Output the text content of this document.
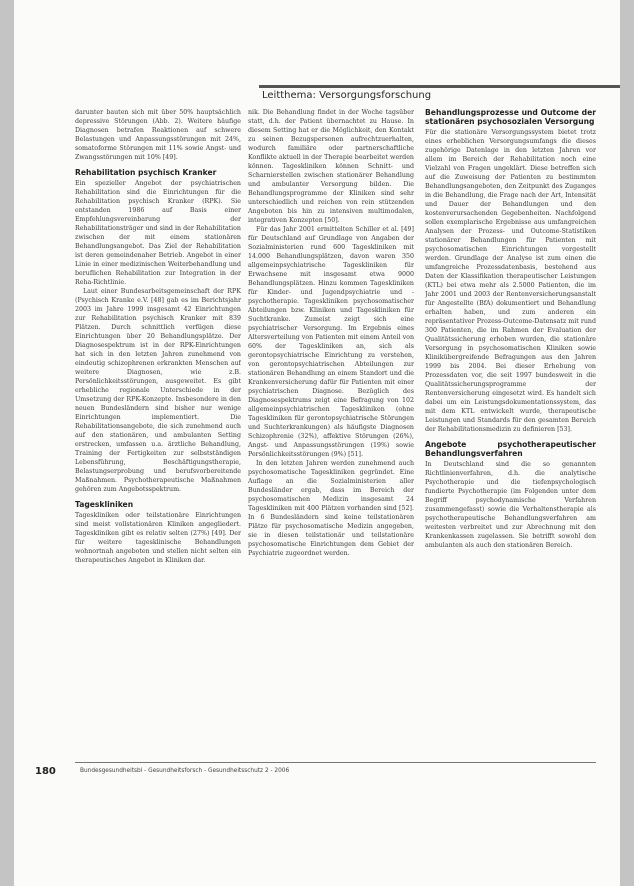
Leitthema: Versorgungsforschung

darunter bauten sich mit über 50% hauptsächlich depressive Störungen (Abb. 2). Weitere häufige Diagnosen betrafen Reaktionen auf schwere Belastungen und Anpassungsstörungen mit 24%, somatoforme Störungen mit 11% sowie Angst- und Zwangsstörungen mit 10% [49].

Rehabilitation psychisch Kranker

Ein spezieller Angebot der psychiatrischen Rehabilitation sind die Einrichtungen für die Rehabilitation psychisch Kranker (RPK). Sie entstanden 1986 auf Basis einer Empfehlungsvereinbarung der Rehabilitationsträger und sind in der Rehabilitation zwischen der mit einem stationären Behandlungsangebot. Das Ziel der Rehabilitation ist deren gemeindenaher Betrieb. Angebot in einer Linie in einer medizinischen Weiterbehandlung und beruflichen Rehabilitation zur Integration in der Reha-Richtlinie.

Laut einer Bundesarbeitsgemeinschaft der RPK (Psychisch Kranke e.V. [48] gab es im Berichtsjahr 2003 im Jahre 1999 insgesamt 42 Einrichtungen zur Rehabilitation psychisch Kranker mit 839 Plätzen. Durch schnittlich verfügen diese Einrichtungen über 20 Behandlungsplätze. Der Diagnosespektrum ist in der RPK-Einrichtungen hat sich in den letzten Jahren zunehmend von eindeutig schizophrenen erkrankten Menschen auf weitere Diagnosen, wie z.B. Persönlichkeitsstörungen, ausgeweitet. Es gibt erhebliche regionale Unterschiede in der Umsetzung der RPK-Konzepte. Insbesondere in den neuen Bundesländern sind bisher nur wenige Einrichtungen implementiert. Die Rehabilitationsangebote, die sich zunehmend auch auf den stationären, und ambulanten Setting erstrecken, umfassen u.a. ärztliche Behandlung, Training der Fertigkeiten zur selbstständigen Lebensführung, Beschäftigungstherapie, Belastungserprobung und berufsvorbereitende Maßnahmen. Psychotherapeutische Maßnahmen gehören zum Angebotsspektrum.

Tageskliniken

Tageskliniken oder teilstationäre Einrichtungen sind meist vollstationären Kliniken angegliedert. Tageskliniken gibt es relativ selten (27%) [49]. Der für weitere tagesklinische Behandlungen wohnortnah angeboten und stellen nicht selten ein therapeutisches Angebot in Kliniken dar.

nik. Die Behandlung findet in der Woche tagsüber statt, d.h. der Patient übernachtet zu Hause. In diesem Setting hat er die Möglichkeit, den Kontakt zu seinen Bezugspersonen aufrechtzuerhalten, wodurch familiäre oder partnerschaftliche Konflikte aktuell in der Therapie bearbeitet werden können. Tageskliniken können Schnitt- und Scharnierstellen zwischen stationärer Behandlung und ambulanter Versorgung bilden. Die Behandlungsprogramme der Kliniken sind sehr unterschiedlich und reichen von rein stützenden Angeboten bis hin zu intensiven multimodalen, integrativen Konzepten [50].

Für das Jahr 2001 ermittelten Schiller et al. [49] für Deutschland auf Grundlage von Angaben der Sozialministerien rund 600 Tageskliniken mit 14.000 Behandlungsplätzen, davon waren 350 allgemeinpsychiatrische Tageskliniken für Erwachsene mit insgesamt etwa 9000 Behandlungsplätzen. Hinzu kommen Tageskliniken für Kinder- und Jugendpsychiatrie und -psychotherapie. Tageskliniken psychosomatischer Abteilungen bzw. Kliniken und Tageskliniken für Suchtkranke. Zumeist zeigt sich eine psychiatrischer Versorgung. Im Ergebnis eines Altersverteilung von Patienten mit einem Anteil von 60% der Tageskliniken an, sich als gerontopsychiatrische Einrichtung zu verstehen, von gerontopsychiatrischen Abteilungen zur stationären Behandlung an einem Standort und die Krankenversicherung dafür für Patienten mit einer psychiatrischen Diagnose. Bezüglich des Diagnosespektrums zeigt eine Befragung von 102 allgemeinpsychiatrischen Tageskliniken (ohne Tageskliniken für gerontopsychiatrische Störungen und Suchterkrankungen) als häufigste Diagnosen Schizophrenie (32%), affektive Störungen (26%), Angst- und Anpassungsstörungen (19%) sowie Persönlichkeitsstörungen (9%) [51].

In den letzten Jahren werden zunehmend auch psychosomatische Tageskliniken gegründet. Eine Auflage an die Sozialministerien aller Bundesländer ergab, dass im Bereich der psychosomatischen Medizin insgesamt 24 Tageskliniken mit 400 Plätzen vorhanden sind [52]. In 6 Bundesländern sind keine teilstationären Plätze für psychosomatische Medizin angegeben, sie in diesen teilstationär und teilstationäre psychosomatische Einrichtungen dem Gebiet der Psychiatrie zugeordnet werden.

Behandlungsprozesse und Outcome der stationären psychosozialen Versorgung

Für die stationäre Versorgungssystem bietet trotz eines erheblichen Versorgungsumfangs die dieses zugehörige Datenlage in den letzten Jahren vor allem im Bereich der Rehabilitation noch eine Vielzahl von Fragen ungeklärt. Diese betreffen sich auf die Zuweisung der Patienten zu bestimmten Behandlungsangeboten, den Zeitpunkt des Zuganges in die Behandlung, die Frage nach der Art, Intensität und Dauer der Behandlungen und den kostenverursachenden Gegebenheiten. Nachfolgend sollen exemplarische Ergebnisse aus umfangreichen Analysen der Prozess- und Outcome-Statistiken stationärer Behandlungen für Patienten mit psychosomatischen Einrichtungen vorgestellt werden. Grundlage der Analyse ist zum einen die umfangreiche Prozessdatenbasis, bestehend aus Daten der Klassifikation therapeutischer Leistungen (KTL) bei etwa mehr als 2.5000 Patienten, die im Jahr 2001 und 2003 der Rentenversicherungsanstalt für Angestellte (BfA) dokumentiert und Behandlung erhalten haben, und zum anderen ein repräsentativer Prozess-Outcome-Datensatz mit rund 300 Patienten, die im Rahmen der Evaluation der Qualitätssicherung erhoben wurden, die stationäre Versorgung in psychosomatischen Kliniken sowie Klinikübergreifende Befragungen aus den Jahren 1999 bis 2004. Bei dieser Erhebung von Prozessdaten vor, die seit 1997 bundesweit in die Qualitätssicherungsprogramme der Rentenversicherung eingesetzt wird. Es handelt sich dabei um ein Leistungsdokumentationssystem, das mit dem KTL entwickelt wurde, therapeutische Leistungen und Standards für den gesamten Bereich der Rehabilitationsmedizin zu definieren [53].

Angebote psychotherapeutischer Behandlungsverfahren

In Deutschland sind die so genannten Richtlinienverfahren, d.h. die analytische Psychotherapie und die tiefenpsychologisch fundierte Psychotherapie (im Folgenden unter dem Begriff psychodynamische Verfahren zusammengefasst) sowie die Verhaltenstherapie als psychotherapeutische Behandlungsverfahren am weitesten verbreitet und zur Abrechnung mit den Krankenkassen zugelassen. Sie betrifft sowohl den ambulanten als auch den stationären Bereich.

180	Bundesgesundheitsbl - Gesundheitsforsch - Gesundheitsschutz 2 - 2006
